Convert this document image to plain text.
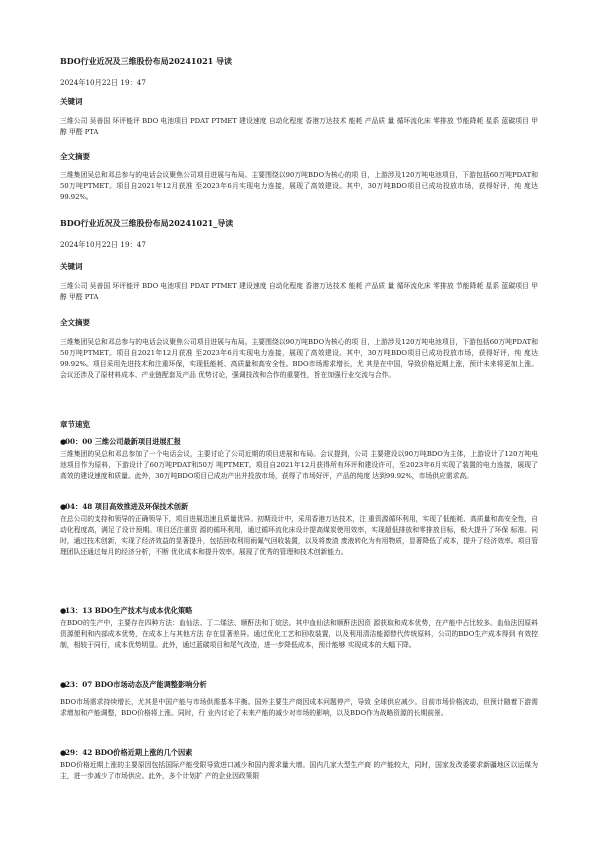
BDO行业近况及三维股份布局20241021 导读
2024年10月22日 19：47
关键词
三维公司 吴善国 环评能评 BDO 电池项目 PDAT PTMET 建设速度 自动化程度 香港万达技术 能耗 产品质 量 循环流化床 零排放 节能降耗 星系 蓝碳项目 甲醇 甲醛 PTA
全文摘要
三维集团吴总和邓总参与的电话会议聚焦公司项目进展与布局。主要围绕以90万吨BDO为核心的项 目，上游涉及120万吨电池项目，下游包括60万吨PDAT和50万吨PTMET。项目自2021年12月获准 至2023年6月实现电力连接，展现了高效建设。其中，30万吨BDO项目已成功投放市场，获得好评，纯 度达99.92%。
BDO行业近况及三维股份布局20241021_导读
2024年10月22日 19：47
关键词
三维公司 吴善国 环评能评 BDO 电池项目 PDAT PTMET 建设速度 自动化程度 香港万达技术 能耗 产品质 量 循环流化床 零排放 节能降耗 星系 蓝碳项目 甲醇 甲醛 PTA
全文摘要
三维集团吴总和邓总参与的电话会议聚焦公司项目进展与布局。主要围绕以90万吨BDO为核心的项 目，上游涉及120万吨电池项目，下游包括60万吨PDAT和50万吨PTMET。项目自2021年12月获准 至2023年6月实现电力连接，展现了高效建设。其中，30万吨BDO项目已成功投放市场，获得好评，纯 度达99.92%。项目采用先进技术和注重环保，实现低能耗、高质量和高安全性。BDO市场需求增长，尤 其是在中国，导致价格近期上涨，预计未来将更加上涨。会议还涉及了原材料成本、产业链配套及产品 优势讨论，强调技改和合作的重要性，旨在加强行业交流与合作。
章节速览
●00：00 三维公司最新项目进展汇报
三维集团的吴总和邓总参加了一个电话会议，主要讨论了公司近期的项目进展和布局。会议提到，公司 主要建设以90万吨BDO为主体，上游设计了120万吨电池项目作为原料，下游设计了60万吨PDAT和50万 吨PTMET。项目自2021年12月获得所有环评和建设许可，至2023年6月实现了装置的电力连接，展现了 高效的建设速度和质量。此外，30万吨BDO项目已成功产出并投放市场，获得了市场好评，产品的纯度 达到99.92%，市场供应需求高。
●04：48 项目高效推进及环保技术创新
在总公司的支持和领导的正确领导下，项目进展迅速且质量优异。初期设计中，采用香港万达技术，注 重资源循环利用，实现了低能耗、高质量和高安全性，自动化程度高，满足了设计预期。项目还注重资 源的循环利用，通过循环流化床设计提高煤炭使用效率，实现超低排放和零排放目标，极大提升了环保 标准。同时，通过技术创新，实现了经济效益的显著提升，包括回收利用雨氟气回收装置，以及将废渣 废液转化为有用物质，显著降低了成本，提升了经济效率。项目管理团队还通过每月的经济分析，不断 优化成本和提升效率，展现了优秀的管理和技术创新能力。
●13：13 BDO生产技术与成本优化策略
在BDO的生产中，主要存在四种方法：血仙法、丁二烯法、顺酐法和丁烷法。其中血仙法和顺酐法因资 源获取和成本优势，在产能中占比较多。血仙法因原料资源便利和内部成本优势，在成本上与其他方法 存在显著差异。通过优化工艺和回收装置，以及利用清洁能源替代传统原料，公司的BDO生产成本得到 有效控制，相较于同行，成本优势明显。此外，通过蓝碳项目和尾气改造，进一步降低成本，预计能够 实现成本的大幅下降。
●23：07 BDO市场动态及产能调整影响分析
BDO市场需求持续增长，尤其是中国产能与市场供需基本平衡。国外主要生产商因成本问题停产，导致 全球供应减少。目前市场价格波动，但预计随着下游需求增加和产能调整，BDO价格将上涨。同时，行 业内讨论了未来产能的减少对市场的影响，以及BDO作为战略资源的长期前景。
●29：42 BDO价格近期上涨的几个因素
BDO价格近期上涨的主要原因包括国际产能受限导致进口减少和国内需求量大增。国内几家大型生产商 的产能较大，同时，国家发改委要求新疆地区以运煤为主，进一步减少了市场供应。此外，多个计划扩 产的企业因政策限
